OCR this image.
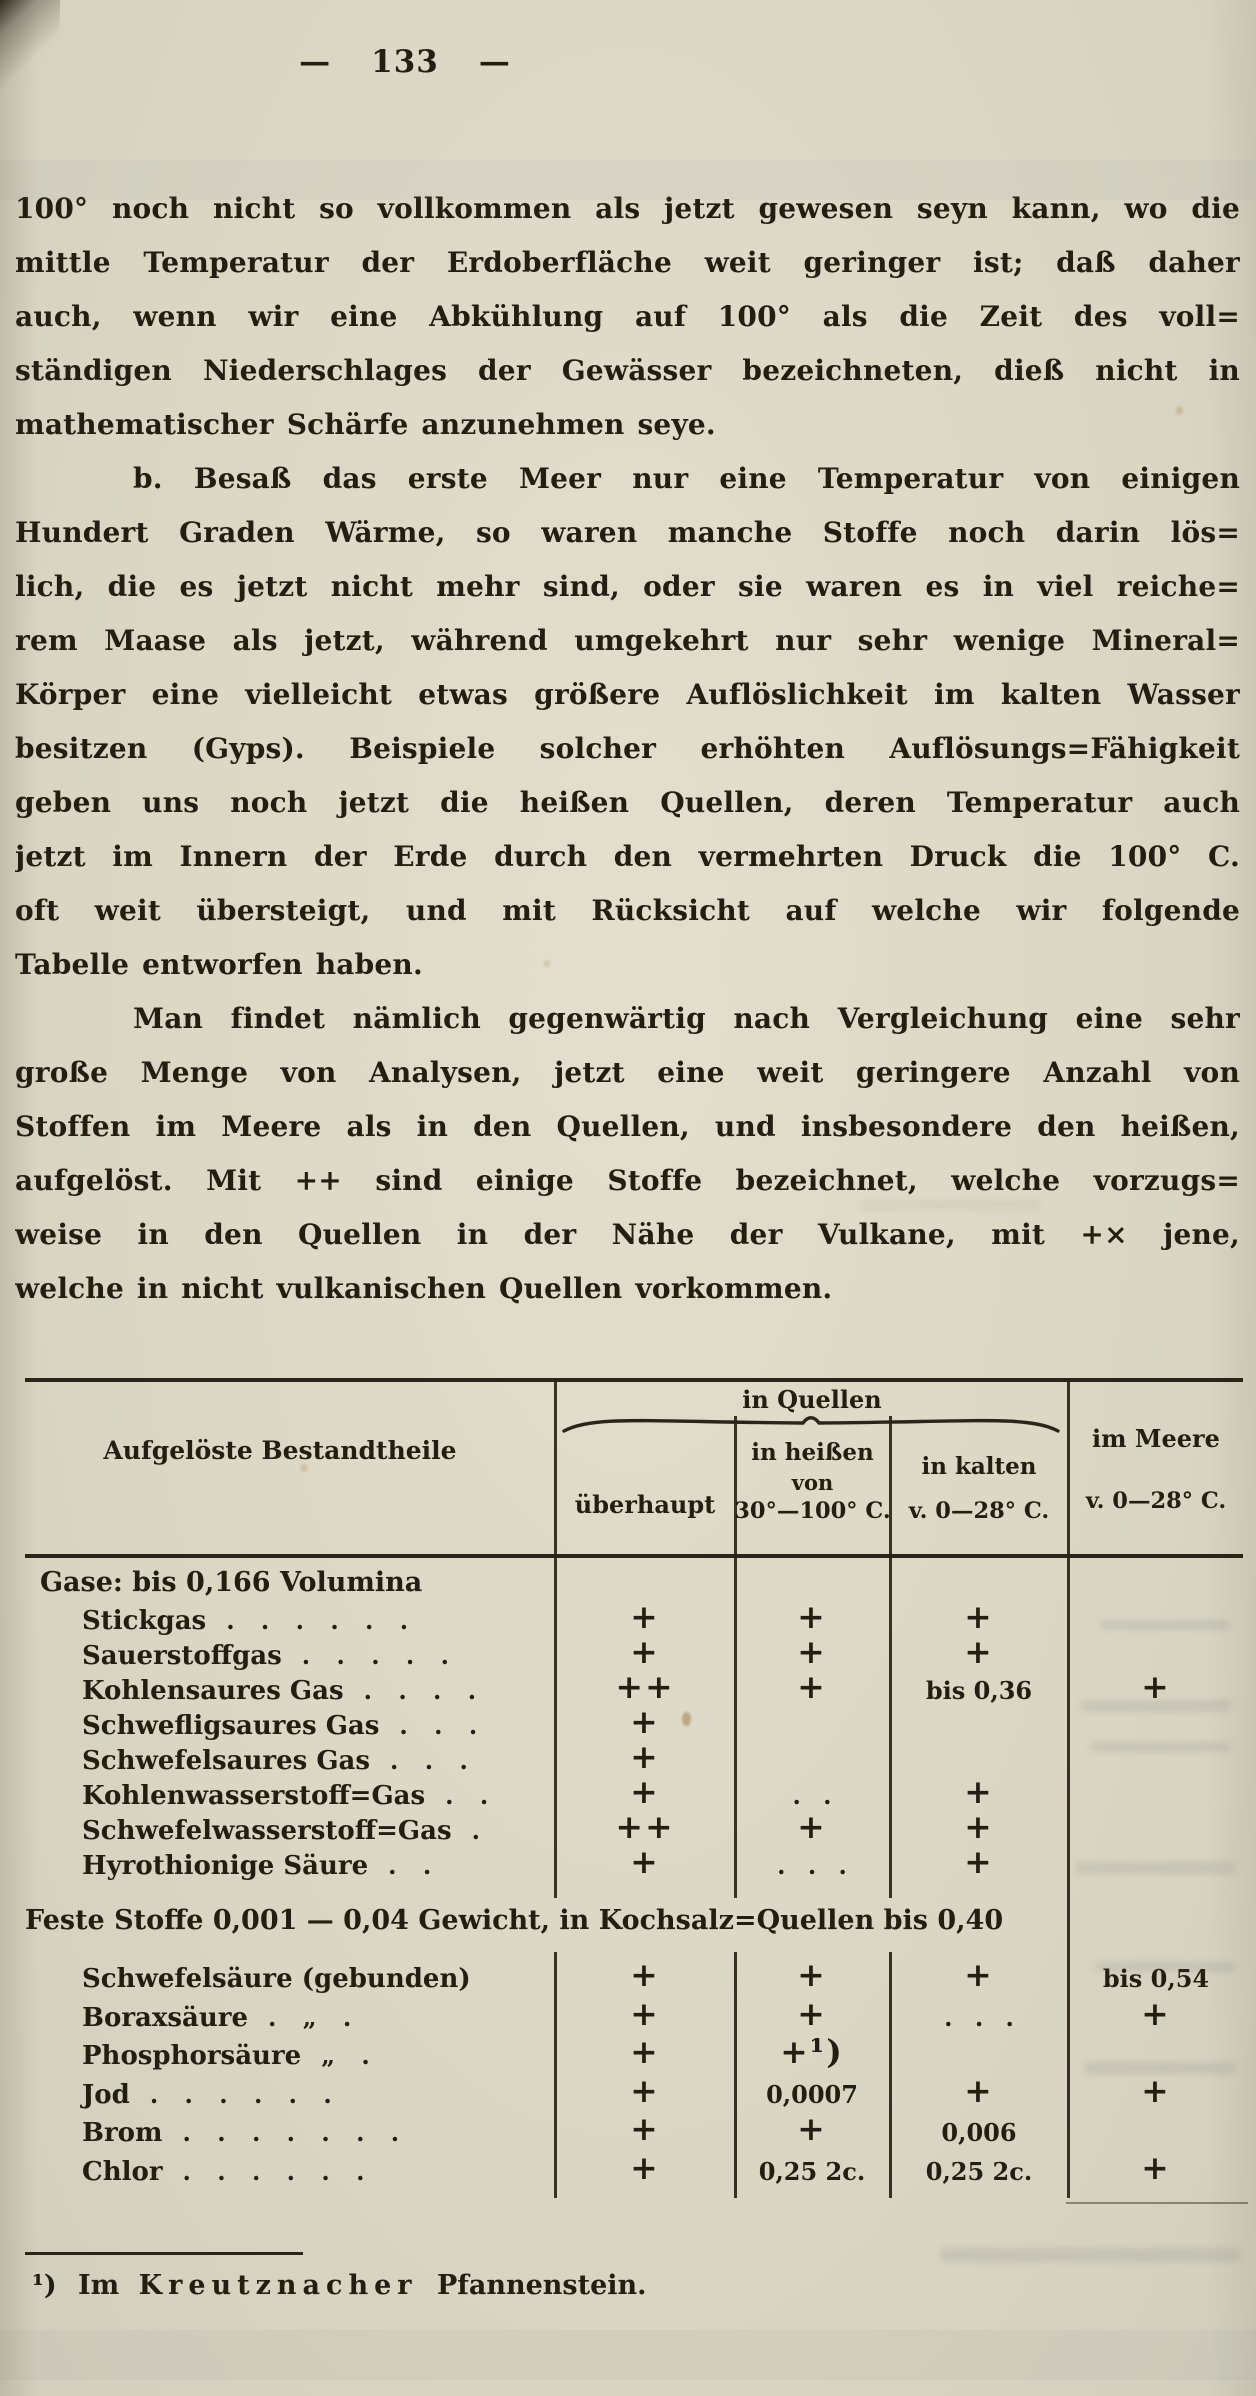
— 133 —
100° noch nicht so vollkommen als jetzt gewesen seyn kann, wo die
mittle Temperatur der Erdoberfläche weit geringer ist; daß daher
auch, wenn wir eine Abkühlung auf 100° als die Zeit des voll=
ständigen Niederschlages der Gewässer bezeichneten, dieß nicht in
mathematischer Schärfe anzunehmen seye.
b. Besaß das erste Meer nur eine Temperatur von einigen
Hundert Graden Wärme, so waren manche Stoffe noch darin lös=
lich, die es jetzt nicht mehr sind, oder sie waren es in viel reiche=
rem Maase als jetzt, während umgekehrt nur sehr wenige Mineral=
Körper eine vielleicht etwas größere Auflöslichkeit im kalten Wasser
besitzen (Gyps). Beispiele solcher erhöhten Auflösungs=Fähigkeit
geben uns noch jetzt die heißen Quellen, deren Temperatur auch
jetzt im Innern der Erde durch den vermehrten Druck die 100° C.
oft weit übersteigt, und mit Rücksicht auf welche wir folgende
Tabelle entworfen haben.
Man findet nämlich gegenwärtig nach Vergleichung eine sehr
große Menge von Analysen, jetzt eine weit geringere Anzahl von
Stoffen im Meere als in den Quellen, und insbesondere den heißen,
aufgelöst. Mit ++ sind einige Stoffe bezeichnet, welche vorzugs=
weise in den Quellen in der Nähe der Vulkane, mit +× jene,
welche in nicht vulkanischen Quellen vorkommen.
Aufgelöste Bestandtheile
in Quellen
überhaupt
in heißen
von
30°—100° C.
in kalten
v. 0—28° C.
im Meere
v. 0—28° C.
Gase: bis 0,166 Volumina
Stickgas . . . . . .	+	+	+
Sauerstoffgas . . . . .	+	+	+
Kohlensaures Gas . . . .	++	+	bis 0,36	+
Schwefligsaures Gas . . .	+
Schwefelsaures Gas . . .	+
Kohlenwasserstoff=Gas . .	+	. .	+
Schwefelwasserstoff=Gas .	++	+	+
Hyrothionige Säure . .	+	. . .	+
Feste Stoffe 0,001 — 0,04 Gewicht, in Kochsalz=Quellen bis 0,40
Schwefelsäure (gebunden)	+	+	+	bis 0,54
Boraxsäure . „ .	+	+	. . .	+
Phosphorsäure „ .	+	+¹)
Jod . . . . . .	+	0,0007	+	+
Brom . . . . . . .	+	+	0,006
Chlor . . . . . .	+	0,25 2c.	0,25 2c.	+
¹) Im Kreutznacher Pfannenstein.
